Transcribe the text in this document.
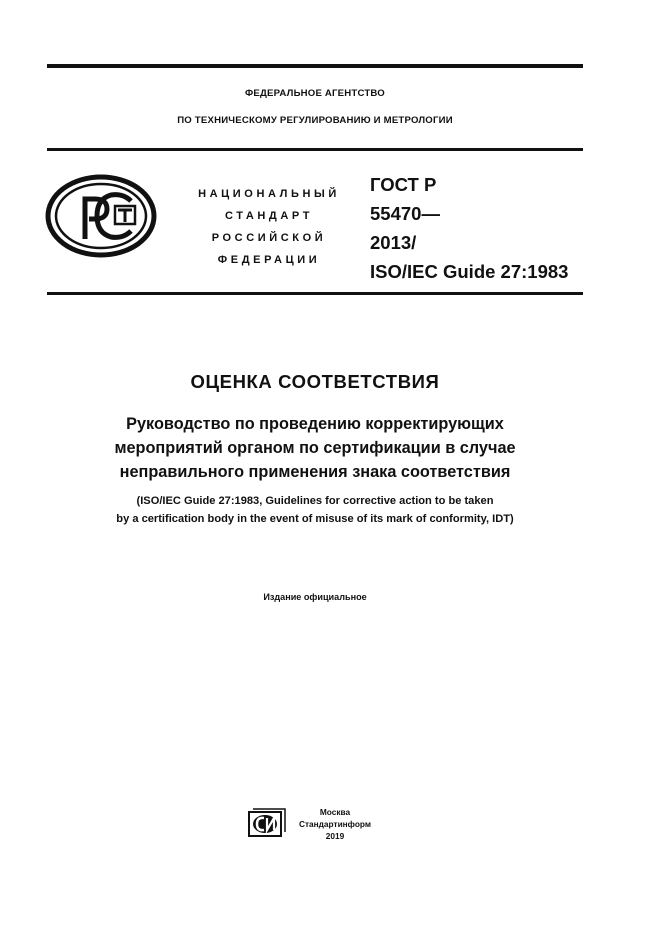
ФЕДЕРАЛЬНОЕ АГЕНТСТВО
ПО ТЕХНИЧЕСКОМУ РЕГУЛИРОВАНИЮ И МЕТРОЛОГИИ
НАЦИОНАЛЬНЫЙ
СТАНДАРТ
РОССИЙСКОЙ
ФЕДЕРАЦИИ
ГОСТ Р
55470—
2013/
ISO/IEC Guide 27:1983
ОЦЕНКА СООТВЕТСТВИЯ
Руководство по проведению корректирующих
мероприятий органом по сертификации в случае
неправильного применения знака соответствия
(ISO/IEC Guide 27:1983, Guidelines for corrective action to be taken
by a certification body in the event of misuse of its mark of conformity, IDT)
Издание официальное
Москва
Стандартинформ
2019
